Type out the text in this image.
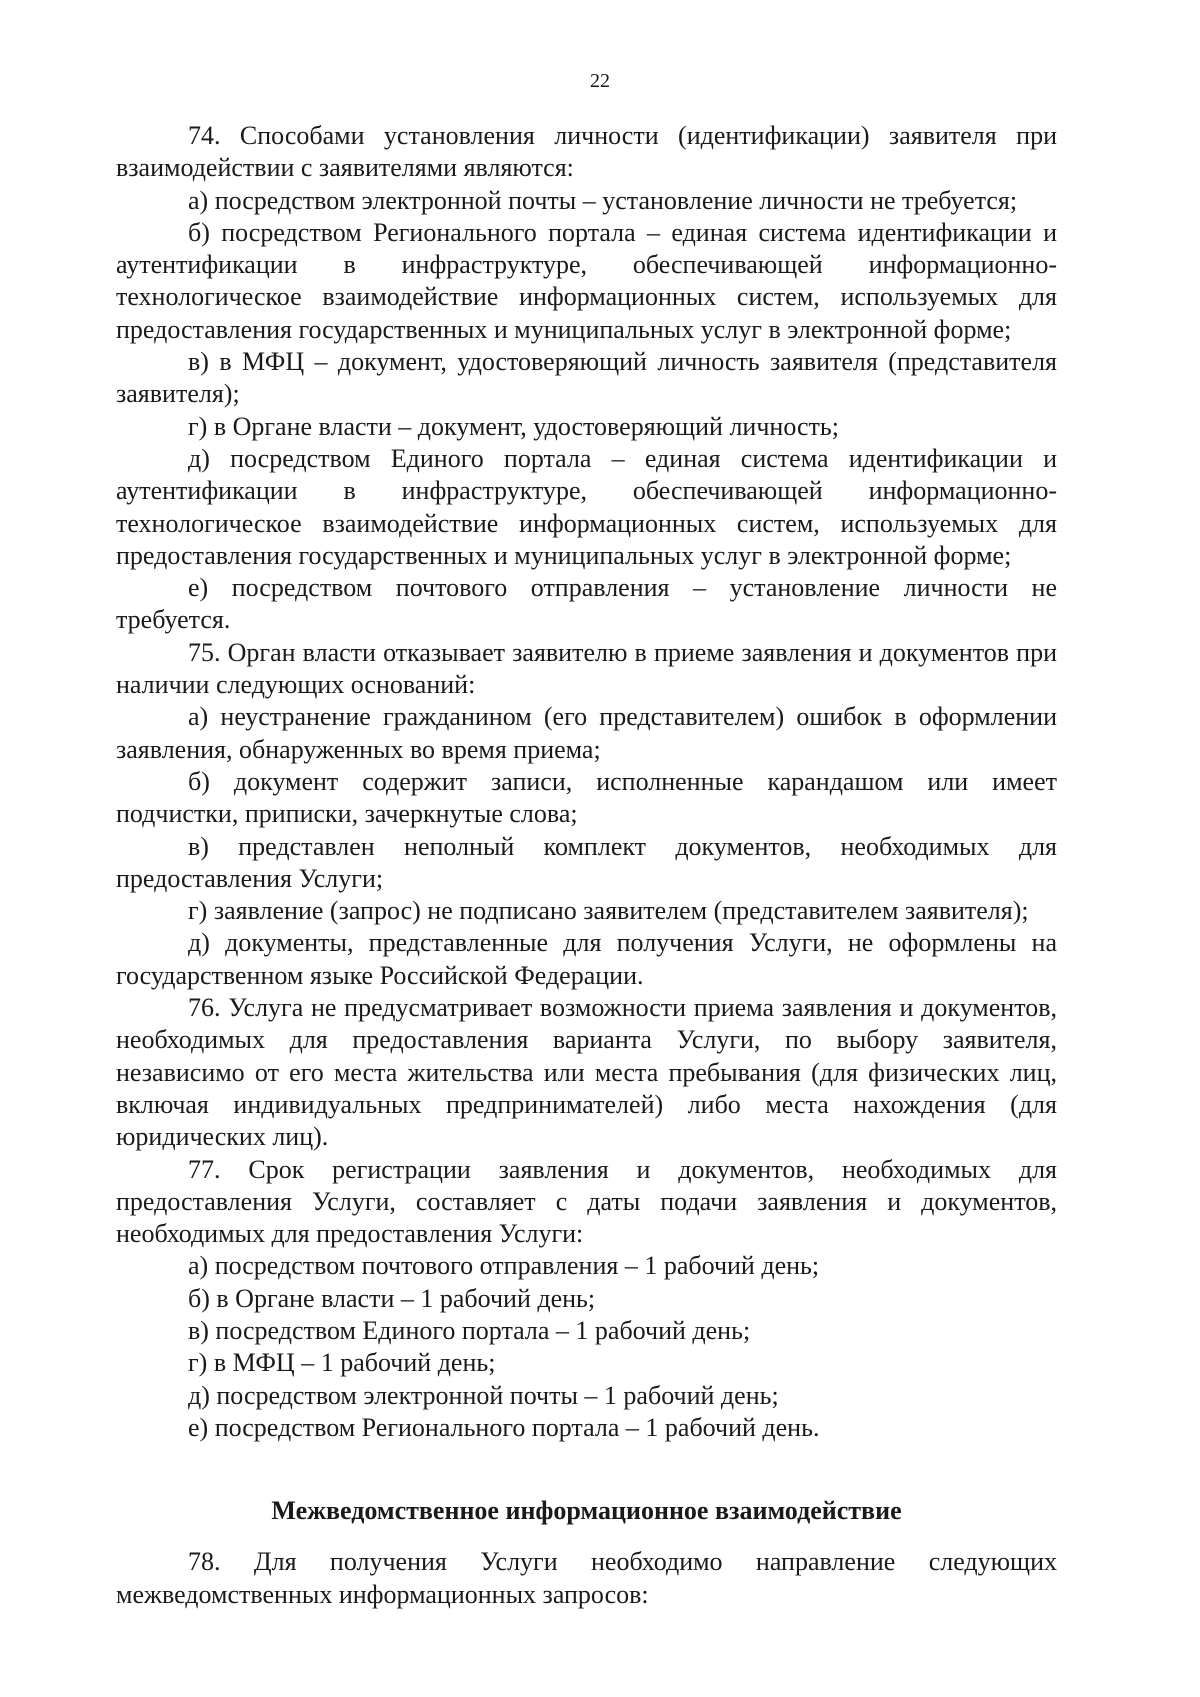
22

74. Способами установления личности (идентификации) заявителя при взаимодействии с заявителями являются:

а) посредством электронной почты – установление личности не требуется;

б) посредством Регионального портала – единая система идентификации и аутентификации в инфраструктуре, обеспечивающей информационно-технологическое взаимодействие информационных систем, используемых для предоставления государственных и муниципальных услуг в электронной форме;

в) в МФЦ – документ, удостоверяющий личность заявителя (представителя заявителя);

г) в Органе власти – документ, удостоверяющий личность;

д) посредством Единого портала – единая система идентификации и аутентификации в инфраструктуре, обеспечивающей информационно-технологическое взаимодействие информационных систем, используемых для предоставления государственных и муниципальных услуг в электронной форме;

е) посредством почтового отправления – установление личности не требуется.

75. Орган власти отказывает заявителю в приеме заявления и документов при наличии следующих оснований:

а) неустранение гражданином (его представителем) ошибок в оформлении заявления, обнаруженных во время приема;

б) документ содержит записи, исполненные карандашом или имеет подчистки, приписки, зачеркнутые слова;

в) представлен неполный комплект документов, необходимых для предоставления Услуги;

г) заявление (запрос) не подписано заявителем (представителем заявителя);

д) документы, представленные для получения Услуги, не оформлены на государственном языке Российской Федерации.

76. Услуга не предусматривает возможности приема заявления и документов, необходимых для предоставления варианта Услуги, по выбору заявителя, независимо от его места жительства или места пребывания (для физических лиц, включая индивидуальных предпринимателей) либо места нахождения (для юридических лиц).

77. Срок регистрации заявления и документов, необходимых для предоставления Услуги, составляет с даты подачи заявления и документов, необходимых для предоставления Услуги:

а) посредством почтового отправления – 1 рабочий день;

б) в Органе власти – 1 рабочий день;

в) посредством Единого портала – 1 рабочий день;

г) в МФЦ – 1 рабочий день;

д) посредством электронной почты – 1 рабочий день;

е) посредством Регионального портала – 1 рабочий день.

Межведомственное информационное взаимодействие

78. Для получения Услуги необходимо направление следующих межведомственных информационных запросов:
